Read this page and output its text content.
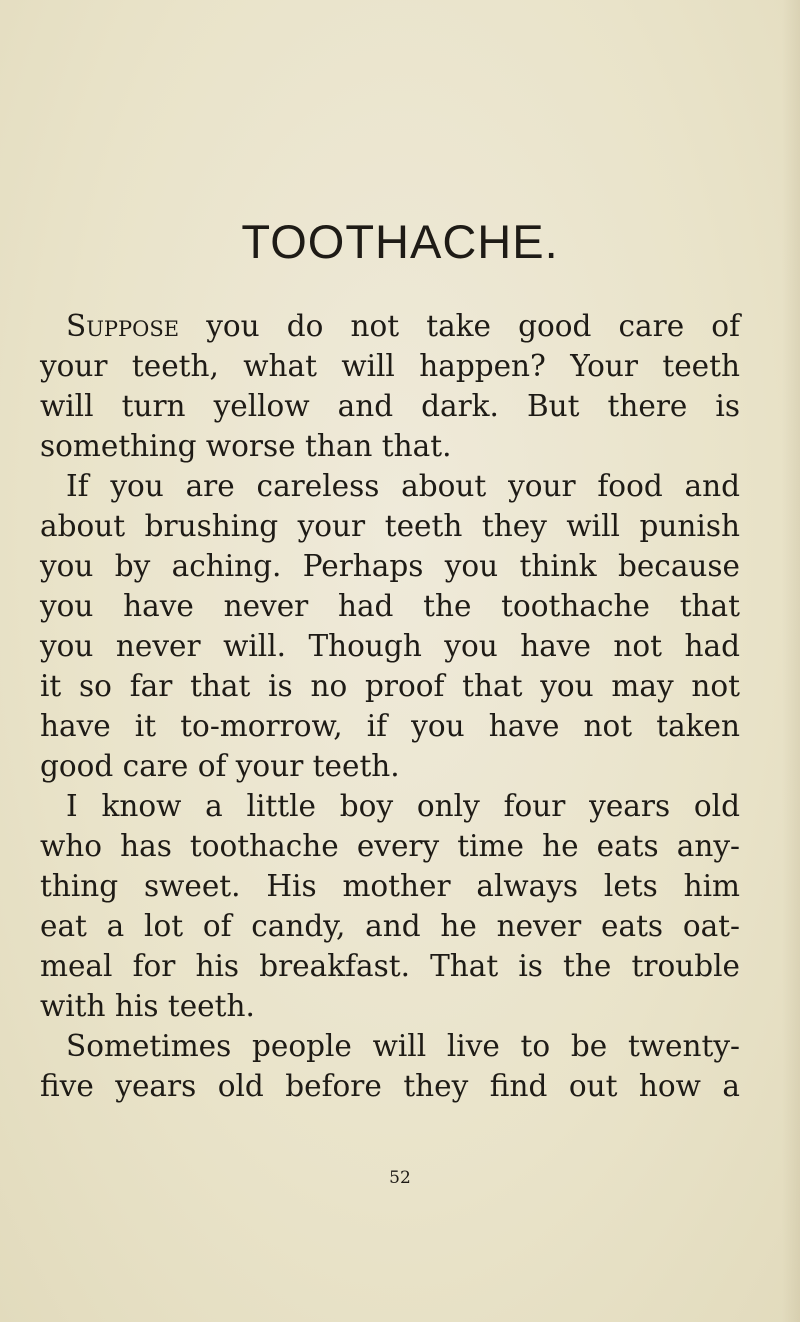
TOOTHACHE.
Suppose you do not take good care of
your teeth, what will happen? Your teeth
will turn yellow and dark. But there is
something worse than that.
If you are careless about your food and
about brushing your teeth they will punish
you by aching. Perhaps you think because
you have never had the toothache that
you never will. Though you have not had
it so far that is no proof that you may not
have it to-morrow, if you have not taken
good care of your teeth.
I know a little boy only four years old
who has toothache every time he eats any-
thing sweet. His mother always lets him
eat a lot of candy, and he never eats oat-
meal for his breakfast. That is the trouble
with his teeth.
Sometimes people will live to be twenty-
five years old before they find out how a
52
